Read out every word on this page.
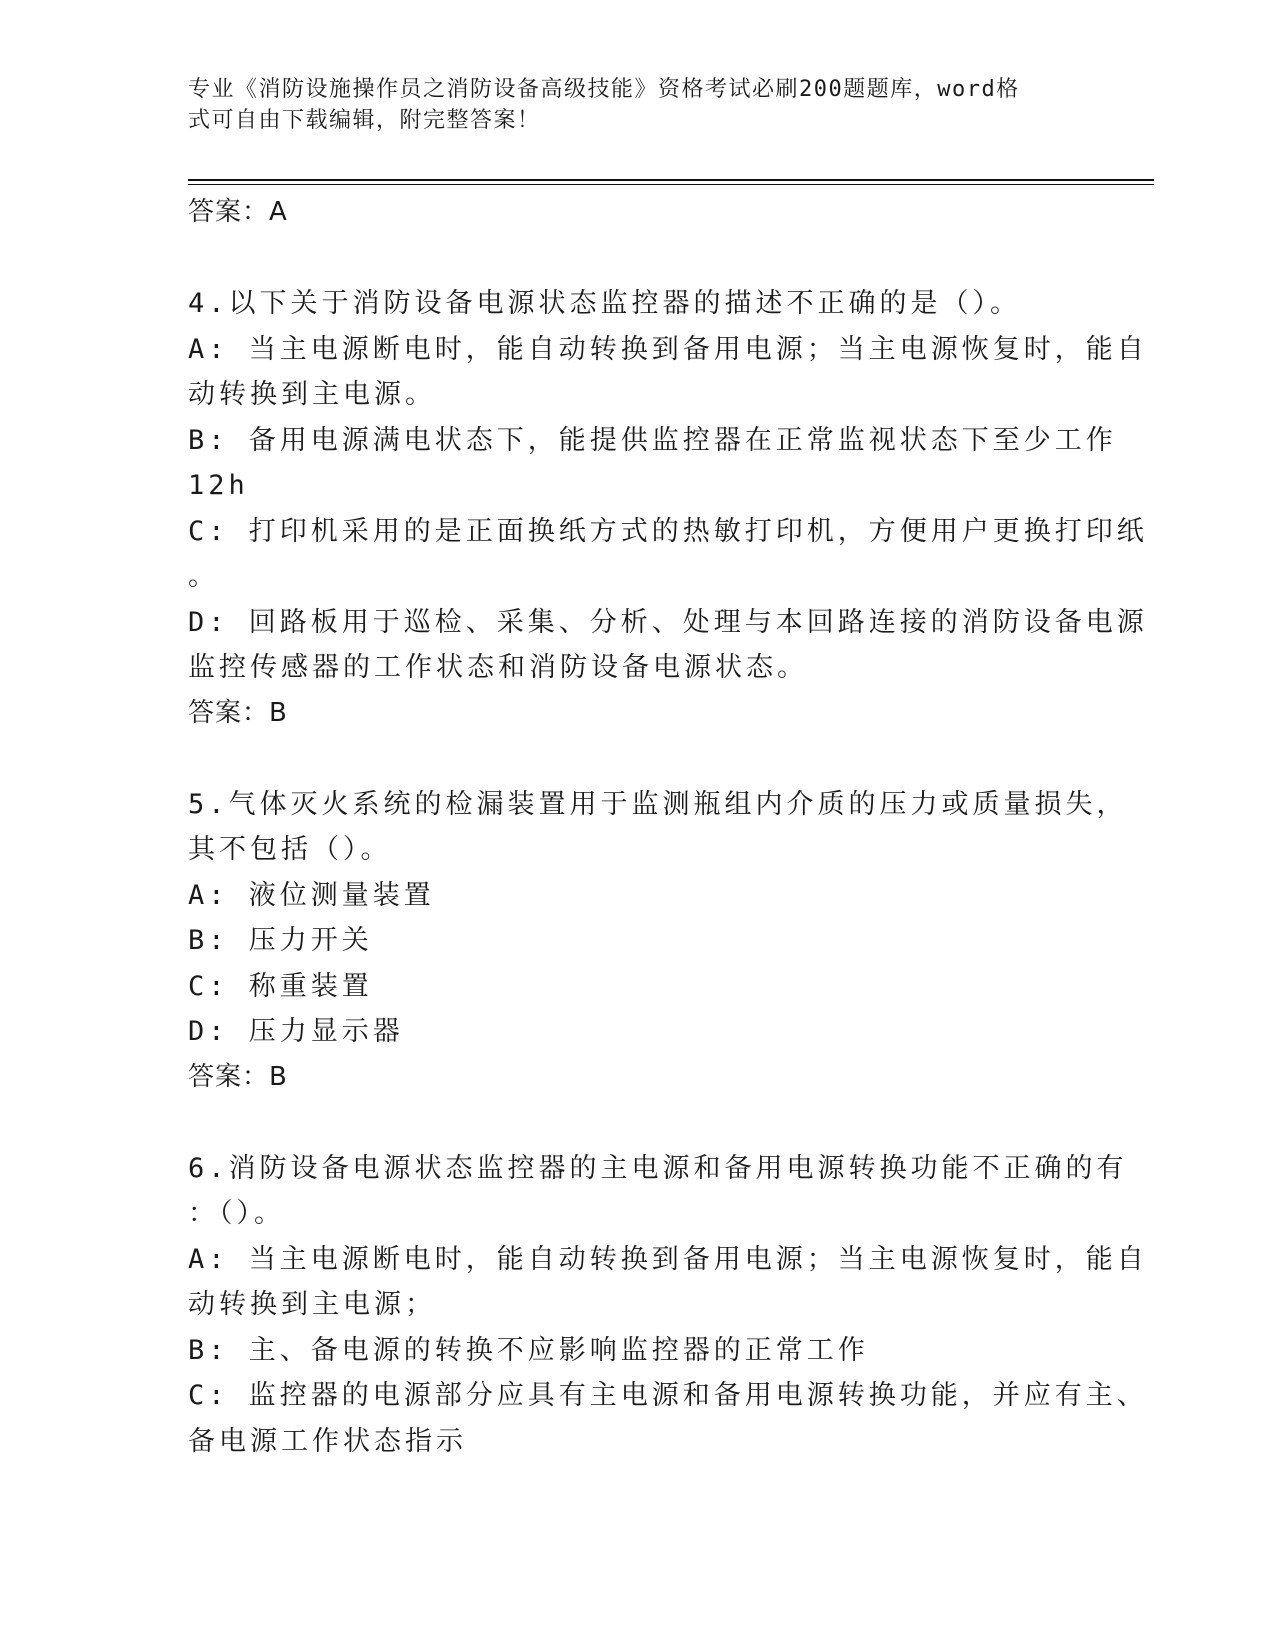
专业《消防设施操作员之消防设备高级技能》资格考试必刷200题题库，word格
式可自由下载编辑，附完整答案！
答案：A
4.以下关于消防设备电源状态监控器的描述不正确的是（）。
A: 当主电源断电时，能自动转换到备用电源；当主电源恢复时，能自
动转换到主电源。
B: 备用电源满电状态下，能提供监控器在正常监视状态下至少工作
12h
C: 打印机采用的是正面换纸方式的热敏打印机，方便用户更换打印纸
。
D: 回路板用于巡检、采集、分析、处理与本回路连接的消防设备电源
监控传感器的工作状态和消防设备电源状态。
答案：B
5.气体灭火系统的检漏装置用于监测瓶组内介质的压力或质量损失，
其不包括（）。
A: 液位测量装置
B: 压力开关
C: 称重装置
D: 压力显示器
答案：B
6.消防设备电源状态监控器的主电源和备用电源转换功能不正确的有
：（）。
A: 当主电源断电时，能自动转换到备用电源；当主电源恢复时，能自
动转换到主电源；
B: 主、备电源的转换不应影响监控器的正常工作
C: 监控器的电源部分应具有主电源和备用电源转换功能，并应有主、
备电源工作状态指示
